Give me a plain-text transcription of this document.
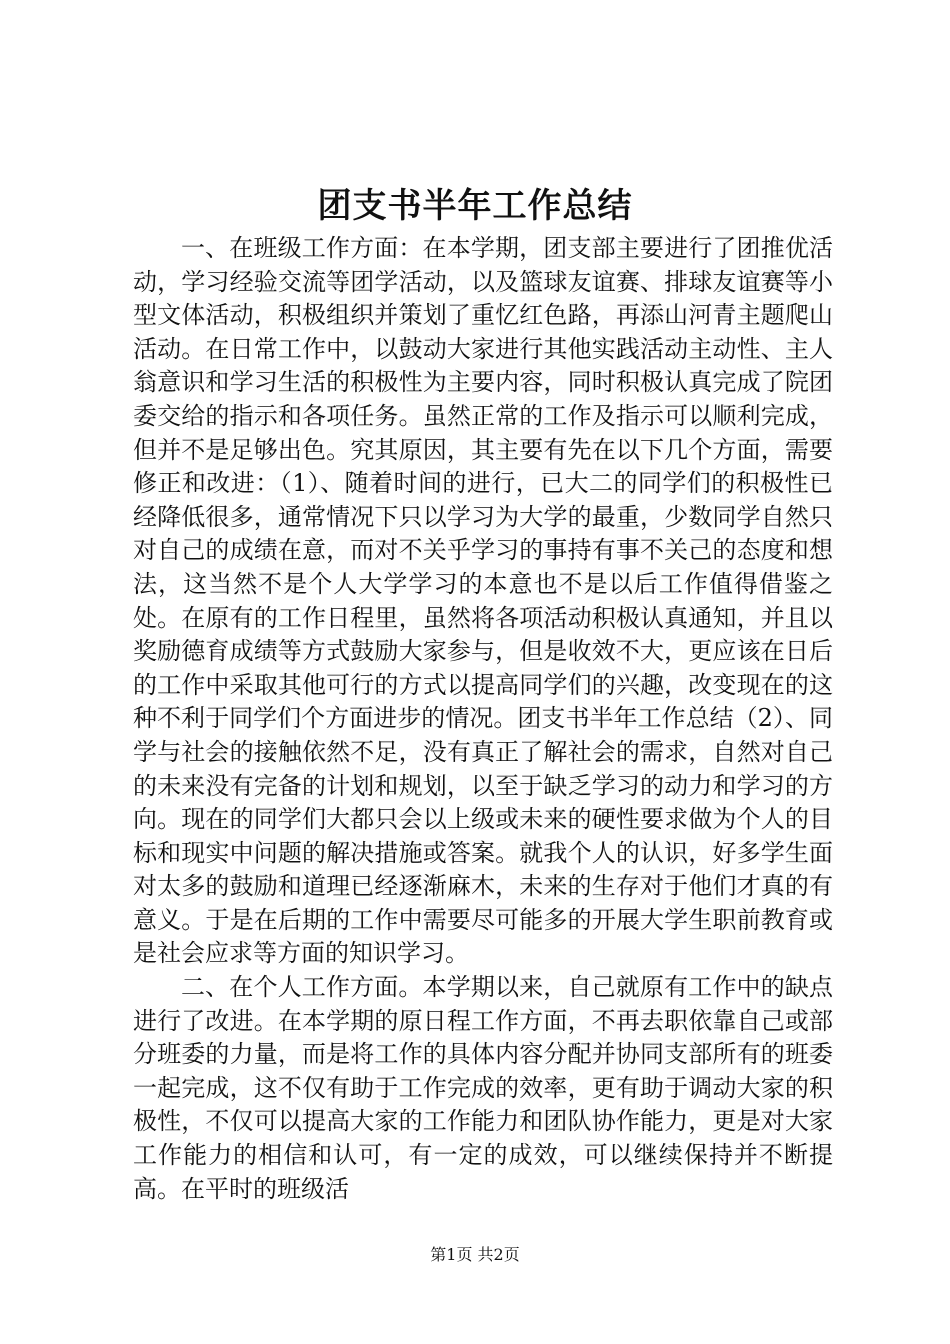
团支书半年工作总结

一、在班级工作方面：在本学期，团支部主要进行了团推优活动，学习经验交流等团学活动，以及篮球友谊赛、排球友谊赛等小型文体活动，积极组织并策划了重忆红色路，再添山河青主题爬山活动。在日常工作中，以鼓动大家进行其他实践活动主动性、主人翁意识和学习生活的积极性为主要内容，同时积极认真完成了院团委交给的指示和各项任务。虽然正常的工作及指示可以顺利完成，但并不是足够出色。究其原因，其主要有先在以下几个方面，需要修正和改进：（1）、随着时间的进行，已大二的同学们的积极性已经降低很多，通常情况下只以学习为大学的最重，少数同学自然只对自己的成绩在意，而对不关乎学习的事持有事不关己的态度和想法，这当然不是个人大学学习的本意也不是以后工作值得借鉴之处。在原有的工作日程里，虽然将各项活动积极认真通知，并且以奖励德育成绩等方式鼓励大家参与，但是收效不大，更应该在日后的工作中采取其他可行的方式以提高同学们的兴趣，改变现在的这种不利于同学们个方面进步的情况。团支书半年工作总结（2）、同学与社会的接触依然不足，没有真正了解社会的需求，自然对自己的未来没有完备的计划和规划，以至于缺乏学习的动力和学习的方向。现在的同学们大都只会以上级或未来的硬性要求做为个人的目标和现实中问题的解决措施或答案。就我个人的认识，好多学生面对太多的鼓励和道理已经逐渐麻木，未来的生存对于他们才真的有意义。于是在后期的工作中需要尽可能多的开展大学生职前教育或是社会应求等方面的知识学习。

二、在个人工作方面。本学期以来，自己就原有工作中的缺点进行了改进。在本学期的原日程工作方面，不再去职依靠自己或部分班委的力量，而是将工作的具体内容分配并协同支部所有的班委一起完成，这不仅有助于工作完成的效率，更有助于调动大家的积极性，不仅可以提高大家的工作能力和团队协作能力，更是对大家工作能力的相信和认可，有一定的成效，可以继续保持并不断提高。在平时的班级活

第1页 共2页
